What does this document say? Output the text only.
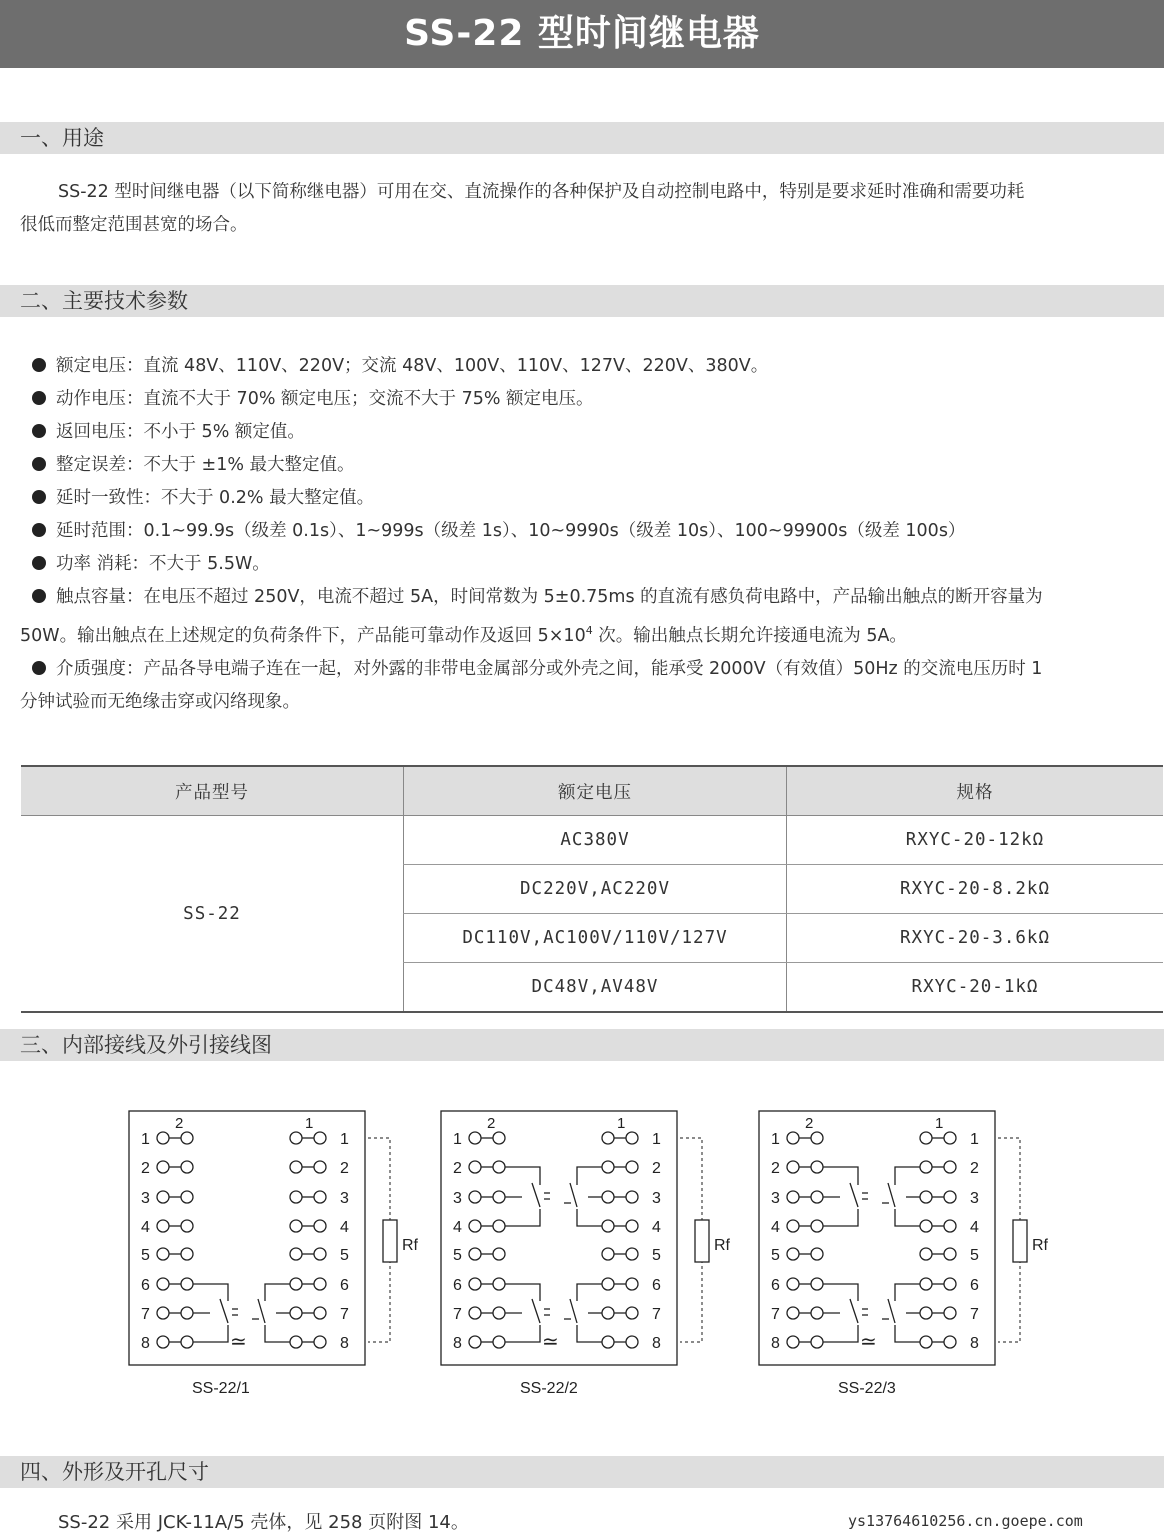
SS-22 型时间继电器
一、用途
SS-22 型时间继电器（以下简称继电器）可用在交、直流操作的各种保护及自动控制电路中，特别是要求延时准确和需要功耗
很低而整定范围甚宽的场合。
二、主要技术参数
额定电压：直流 48V、110V、220V；交流 48V、100V、110V、127V、220V、380V。
动作电压：直流不大于 70% 额定电压；交流不大于 75% 额定电压。
返回电压：不小于 5% 额定值。
整定误差：不大于 ±1% 最大整定值。
延时一致性：不大于 0.2% 最大整定值。
延时范围：0.1~99.9s（级差 0.1s）、1~999s（级差 1s）、10~9990s（级差 10s）、100~99900s（级差 100s）
功率 消耗：不大于 5.5W。
触点容量：在电压不超过 250V，电流不超过 5A，时间常数为 5±0.75ms 的直流有感负荷电路中，产品输出触点的断开容量为
50W。输出触点在上述规定的负荷条件下，产品能可靠动作及返回 $5\times 10^4$ 次。输出触点长期允许接通电流为 5A。
介质强度：产品各导电端子连在一起，对外露的非带电金属部分或外壳之间，能承受 2000V（有效值）50Hz 的交流电压历时 1
分钟试验而无绝缘击穿或闪络现象。
产品型号	额定电压	规格
SS-22	AC380V	RXYC-20-12kΩ
	DC220V,AC220V	RXYC-20-8.2kΩ
	DC110V,AC100V/110V/127V	RXYC-20-3.6kΩ
	DC48V,AV48V	RXYC-20-1kΩ
三、内部接线及外引接线图
2	1
1	1
2	2
3	3
4	4
5	5
6	6
7	7
8	8
≃
Rf
2	1
1	1
2	2
3	3
4	4
5	5
6	6
7	7
8	8
≃
Rf
2	1
1	1
2	2
3	3
4	4
5	5
6	6
7	7
8	8
≃
Rf
SS-22/1	SS-22/2	SS-22/3
四、外形及开孔尺寸
SS-22 采用 JCK-11A/5 壳体，见 258 页附图 14。	ys13764610256.cn.goepe.com
